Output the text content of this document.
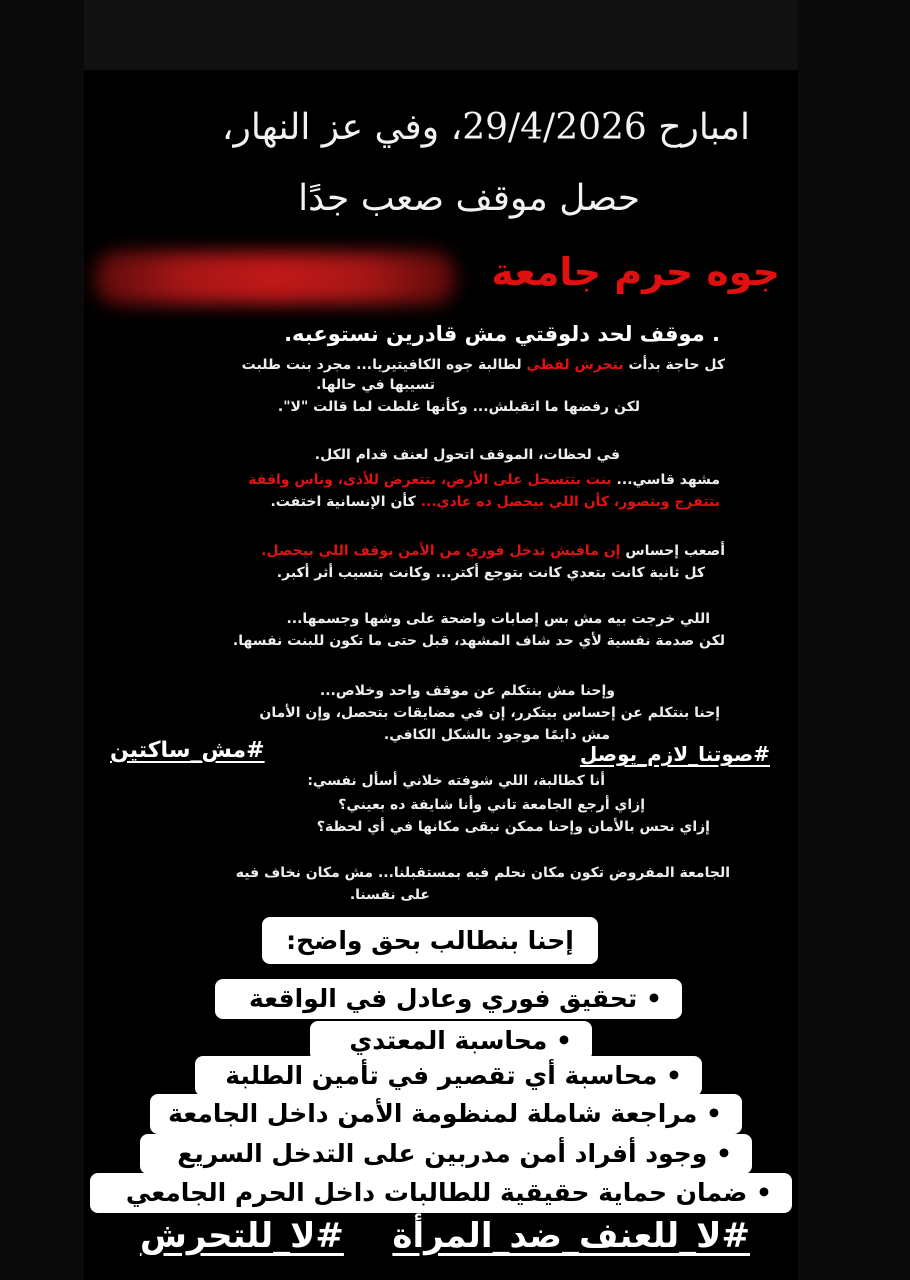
امبارح 29/4/2026، وفي عز النهار،
حصل موقف صعب جدًا
جوه حرم جامعة
. موقف لحد دلوقتي مش قادرين نستوعبه.
كل حاجة بدأت بتحرش لفظي لطالبة جوه الكافيتيريا... مجرد بنت طلبت
تسيبها في حالها.
لكن رفضها ما اتقبلش... وكأنها غلطت لما قالت "لا".
في لحظات، الموقف اتحول لعنف قدام الكل.
مشهد قاسي... بنت بتتسحل على الأرض، بتتعرض للأذى، وناس واقفة
بتتفرج وبتصور، كأن اللي بيحصل ده عادي... كأن الإنسانية اختفت.
أصعب إحساس إن مافيش تدخل فوري من الأمن يوقف اللي بيحصل.
كل ثانية كانت بتعدي كانت بتوجع أكتر... وكانت بتسيب أثر أكبر.
اللي خرجت بيه مش بس إصابات واضحة على وشها وجسمها...
لكن صدمة نفسية لأي حد شاف المشهد، قبل حتى ما تكون للبنت نفسها.
وإحنا مش بنتكلم عن موقف واحد وخلاص...
إحنا بنتكلم عن إحساس بيتكرر، إن في مضايقات بتحصل، وإن الأمان
مش دايمًا موجود بالشكل الكافي.
#مش_ساكتين	#صوتنا_لازم_يوصل
أنا كطالبة، اللي شوفته خلاني أسأل نفسي:
إزاي أرجع الجامعة تاني وأنا شايفة ده بعيني؟
إزاي نحس بالأمان وإحنا ممكن نبقى مكانها في أي لحظة؟
الجامعة المفروض تكون مكان نحلم فيه بمستقبلنا... مش مكان نخاف فيه
على نفسنا.
إحنا بنطالب بحق واضح:
• تحقيق فوري وعادل في الواقعة
• محاسبة المعتدي
• محاسبة أي تقصير في تأمين الطلبة
• مراجعة شاملة لمنظومة الأمن داخل الجامعة
• وجود أفراد أمن مدربين على التدخل السريع
• ضمان حماية حقيقية للطالبات داخل الحرم الجامعي
#لا_للعنف_ضد_المرأة
#لا_للتحرش
